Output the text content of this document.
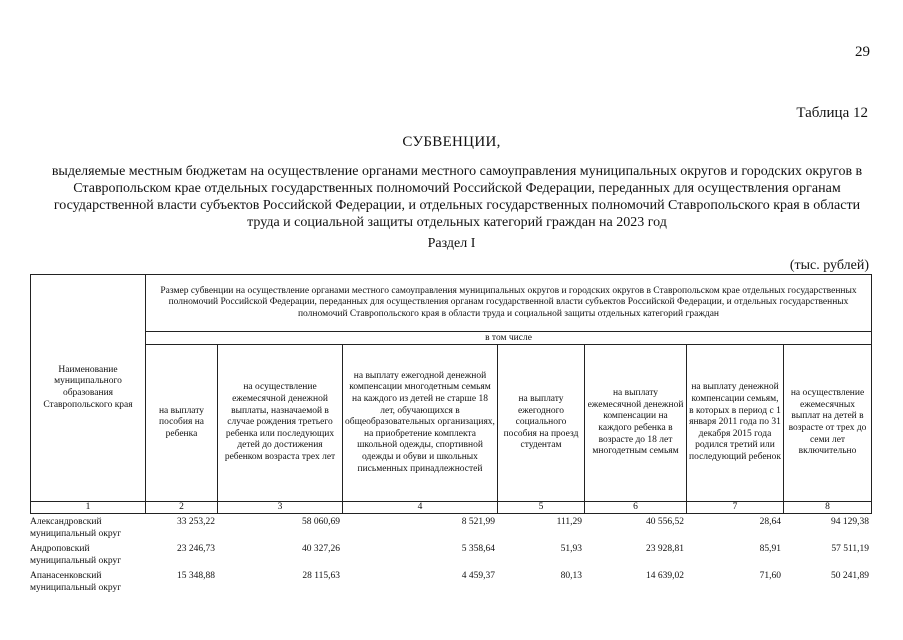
29
Таблица 12
СУБВЕНЦИИ,
выделяемые местным бюджетам на осуществление органами местного самоуправления муниципальных округов и городских округов в Ставропольском крае отдельных государственных полномочий Российской Федерации, переданных для осуществления органам государственной власти субъектов Российской Федерации, и отдельных государственных полномочий Ставропольского края в области труда и социальной защиты отдельных категорий граждан на 2023 год
Раздел I
(тыс. рублей)
Наименование муниципального образования Ставропольского края	Размер субвенции на осуществление органами местного самоуправления муниципальных округов и городских округов в Ставропольском крае отдельных государственных полномочий Российской Федерации, переданных для осуществления органам государственной власти субъектов Российской Федерации, и отдельных государственных полномочий Ставропольского края в области труда и социальной защиты отдельных категорий граждан						
	в том числе						
	на выплату пособия на ребенка	на осуществление ежемесячной денежной выплаты, назначаемой в случае рождения третьего ребенка или последующих детей до достижения ребенком возраста трех лет	на выплату ежегодной денежной компенсации многодетным семьям на каждого из детей не старше 18 лет, обучающихся в общеобразовательных организациях, на приобретение комплекта школьной одежды, спортивной одежды и обуви и школьных письменных принадлежностей	на выплату ежегодного социального пособия на проезд студентам	на выплату ежемесячной денежной компенсации на каждого ребенка в возрасте до 18 лет многодетным семьям	на выплату денежной компенсации семьям, в которых в период с 1 января 2011 года по 31 декабря 2015 года родился третий или последующий ребенок	на осуществление ежемесячных выплат на детей в возрасте от трех до семи лет включительно
1	2	3	4	5	6	7	8
Александровский муниципальный округ	33 253,22	58 060,69	8 521,99	111,29	40 556,52	28,64	94 129,38
Андроповский муниципальный округ	23 246,73	40 327,26	5 358,64	51,93	23 928,81	85,91	57 511,19
Апанасенковский муниципальный округ	15 348,88	28 115,63	4 459,37	80,13	14 639,02	71,60	50 241,89
